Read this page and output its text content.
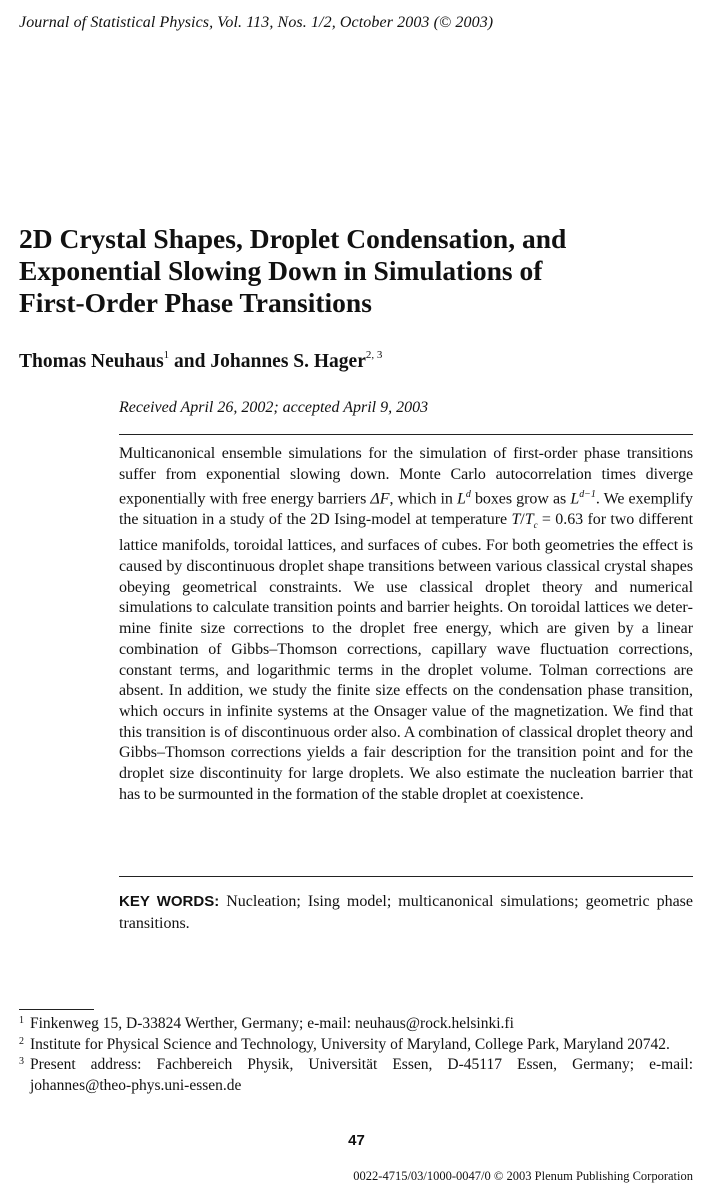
Journal of Statistical Physics, Vol. 113, Nos. 1/2, October 2003 (© 2003)
2D Crystal Shapes, Droplet Condensation, and
Exponential Slowing Down in Simulations of
First-Order Phase Transitions
Thomas Neuhaus$^1$ and Johannes S. Hager$^{2, 3}$
Received April 26, 2002; accepted April 9, 2003
Multicanonical ensemble simulations for the simulation of first-order phase transitions suffer from exponential slowing down. Monte Carlo autocorrelation times diverge exponentially with free energy barriers ΔF, which in $L^d$ boxes grow as $L^{d-1}$. We exemplify the situation in a study of the 2D Ising-model at temperature $T/T_c = 0.63$ for two different lattice manifolds, toroidal lattices, and surfaces of cubes. For both geometries the effect is caused by discontinuous droplet shape transitions between various classical crystal shapes obeying geometrical constraints. We use classical droplet theory and numerical simulations to calculate transition points and barrier heights. On toroidal lattices we determine finite size corrections to the droplet free energy, which are given by a linear combination of Gibbs–Thomson corrections, capillary wave fluctuation corrections, constant terms, and logarithmic terms in the droplet volume. Tolman corrections are absent. In addition, we study the finite size effects on the condensation phase transition, which occurs in infinite systems at the Onsager value of the magnetization. We find that this transition is of discontinuous order also. A combination of classical droplet theory and Gibbs–Thomson corrections yields a fair description for the transition point and for the droplet size discontinuity for large droplets. We also estimate the nucleation barrier that has to be surmounted in the formation of the stable droplet at coexistence.
KEY WORDS: Nucleation; Ising model; multicanonical simulations; geometric phase transitions.
1 Finkenweg 15, D-33824 Werther, Germany; e-mail: neuhaus@rock.helsinki.fi
2 Institute for Physical Science and Technology, University of Maryland, College Park, Maryland 20742.
3 Present address: Fachbereich Physik, Universität Essen, D-45117 Essen, Germany; e-mail: johannes@theo-phys.uni-essen.de
47
0022-4715/03/1000-0047/0 © 2003 Plenum Publishing Corporation
